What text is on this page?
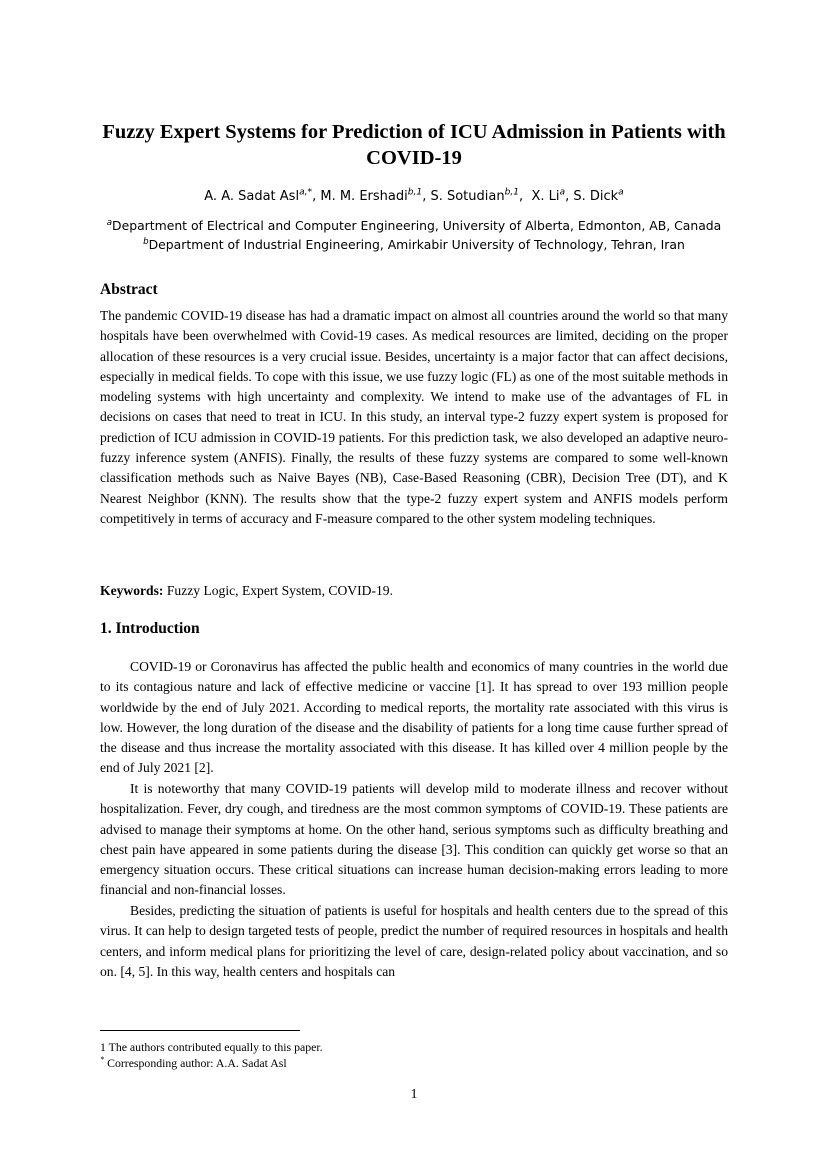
Fuzzy Expert Systems for Prediction of ICU Admission in Patients with COVID-19
A. A. Sadat Asl$^{a,*}$, M. M. Ershadi$^{b,1}$, S. Sotudian$^{b,1}$,  X. Li$^a$, S. Dick$^a$
$^a$Department of Electrical and Computer Engineering, University of Alberta, Edmonton, AB, Canada
$^b$Department of Industrial Engineering, Amirkabir University of Technology, Tehran, Iran
Abstract

The pandemic COVID-19 disease has had a dramatic impact on almost all countries around the world so that many hospitals have been overwhelmed with Covid-19 cases. As medical resources are limited, deciding on the proper allocation of these resources is a very crucial issue. Besides, uncertainty is a major factor that can affect decisions, especially in medical fields. To cope with this issue, we use fuzzy logic (FL) as one of the most suitable methods in modeling systems with high uncertainty and complexity. We intend to make use of the advantages of FL in decisions on cases that need to treat in ICU. In this study, an interval type-2 fuzzy expert system is proposed for prediction of ICU admission in COVID-19 patients. For this prediction task, we also developed an adaptive neuro-fuzzy inference system (ANFIS). Finally, the results of these fuzzy systems are compared to some well-known classification methods such as Naive Bayes (NB), Case-Based Reasoning (CBR), Decision Tree (DT), and K Nearest Neighbor (KNN). The results show that the type-2 fuzzy expert system and ANFIS models perform competitively in terms of accuracy and F-measure compared to the other system modeling techniques.

Keywords: Fuzzy Logic, Expert System, COVID-19.

1. Introduction

COVID-19 or Coronavirus has affected the public health and economics of many countries in the world due to its contagious nature and lack of effective medicine or vaccine [1]. It has spread to over 193 million people worldwide by the end of July 2021. According to medical reports, the mortality rate associated with this virus is low. However, the long duration of the disease and the disability of patients for a long time cause further spread of the disease and thus increase the mortality associated with this disease. It has killed over 4 million people by the end of July 2021 [2].

It is noteworthy that many COVID-19 patients will develop mild to moderate illness and recover without hospitalization. Fever, dry cough, and tiredness are the most common symptoms of COVID-19. These patients are advised to manage their symptoms at home. On the other hand, serious symptoms such as difficulty breathing and chest pain have appeared in some patients during the disease [3]. This condition can quickly get worse so that an emergency situation occurs. These critical situations can increase human decision-making errors leading to more financial and non-financial losses.

Besides, predicting the situation of patients is useful for hospitals and health centers due to the spread of this virus. It can help to design targeted tests of people, predict the number of required resources in hospitals and health centers, and inform medical plans for prioritizing the level of care, design-related policy about vaccination, and so on. [4, 5]. In this way, health centers and hospitals can

1 The authors contributed equally to this paper.
* Corresponding author: A.A. Sadat Asl
1
